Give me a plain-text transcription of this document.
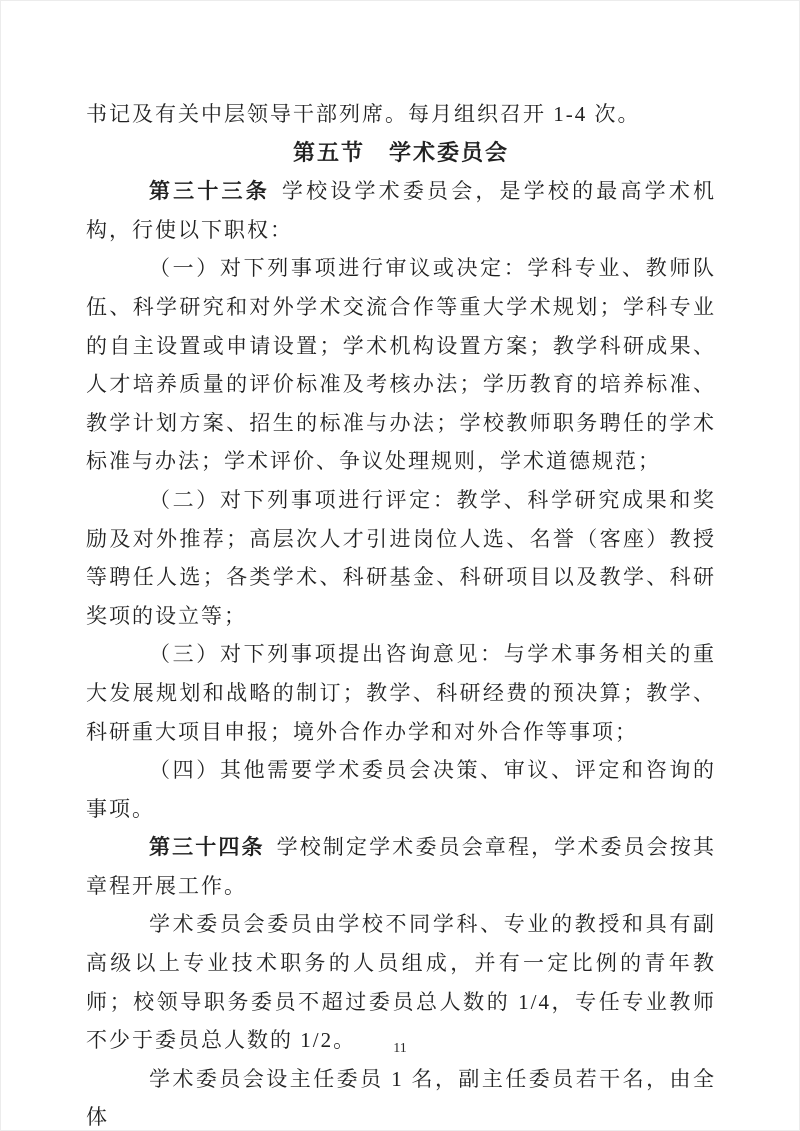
书记及有关中层领导干部列席。每月组织召开 1-4 次。

第五节　学术委员会

第三十三条 学校设学术委员会，是学校的最高学术机构，行使以下职权：

（一）对下列事项进行审议或决定：学科专业、教师队伍、科学研究和对外学术交流合作等重大学术规划；学科专业的自主设置或申请设置；学术机构设置方案；教学科研成果、人才培养质量的评价标准及考核办法；学历教育的培养标准、教学计划方案、招生的标准与办法；学校教师职务聘任的学术标准与办法；学术评价、争议处理规则，学术道德规范；

（二）对下列事项进行评定：教学、科学研究成果和奖励及对外推荐；高层次人才引进岗位人选、名誉（客座）教授等聘任人选；各类学术、科研基金、科研项目以及教学、科研奖项的设立等；

（三）对下列事项提出咨询意见：与学术事务相关的重大发展规划和战略的制订；教学、科研经费的预决算；教学、科研重大项目申报；境外合作办学和对外合作等事项；

（四）其他需要学术委员会决策、审议、评定和咨询的事项。

第三十四条 学校制定学术委员会章程，学术委员会按其章程开展工作。

学术委员会委员由学校不同学科、专业的教授和具有副高级以上专业技术职务的人员组成，并有一定比例的青年教师；校领导职务委员不超过委员总人数的 1/4，专任专业教师不少于委员总人数的 1/2。

学术委员会设主任委员 1 名，副主任委员若干名，由全体

11
